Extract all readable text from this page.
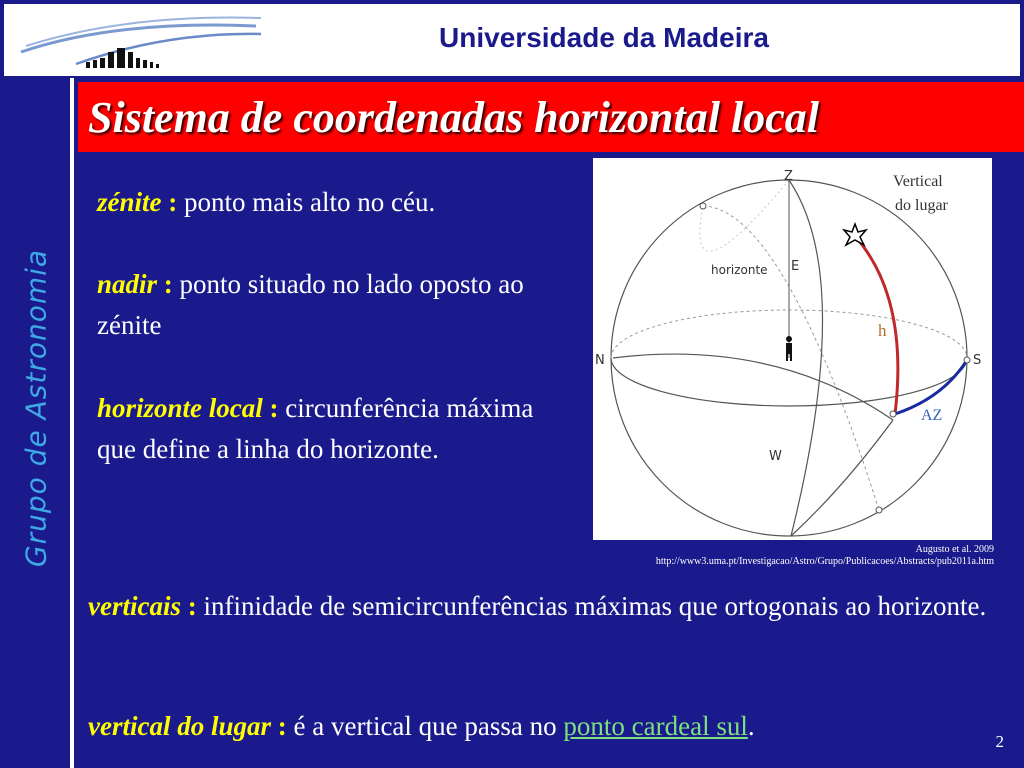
Universidade da Madeira
Grupo de Astronomia
Sistema de coordenadas horizontal local
zénite : ponto mais alto no céu.
nadir : ponto situado no lado oposto ao zénite
horizonte local : circunferência máxima que define a linha do horizonte.
Z
N	S
E
W
horizonte
Vertical
do lugar
h
AZ
Augusto et al. 2009
http://www3.uma.pt/Investigacao/Astro/Grupo/Publicacoes/Abstracts/pub2011a.htm
verticais : infinidade de semicircunferências máximas que ortogonais ao horizonte.
vertical do lugar : é a vertical que passa no ponto cardeal sul.
2
